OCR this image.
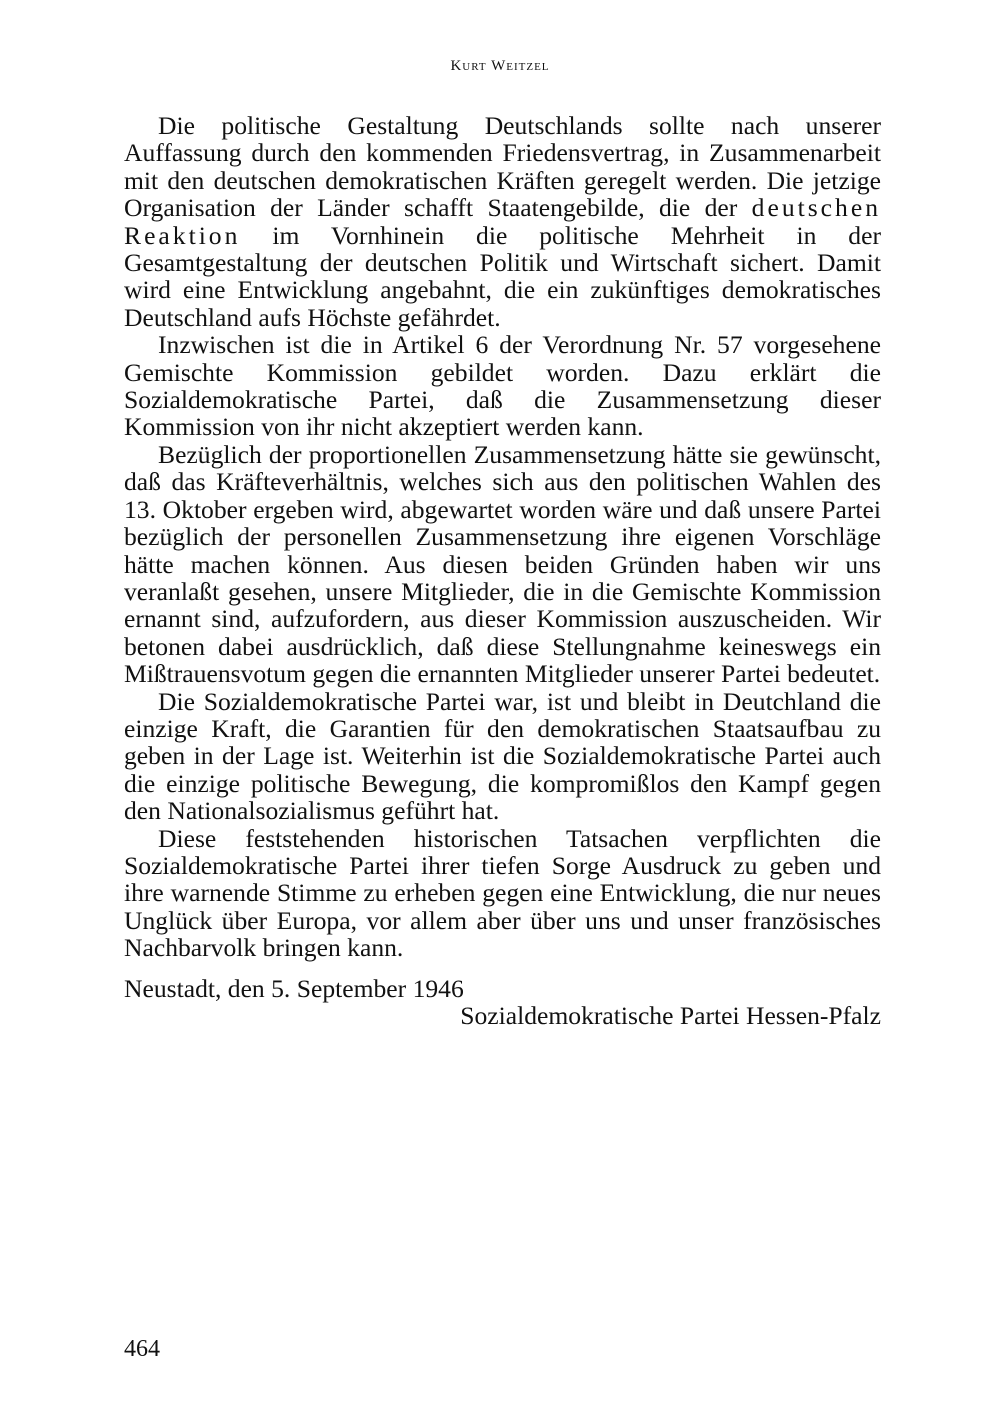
Kurt Weitzel

Die politische Gestaltung Deutschlands sollte nach unserer Auffassung durch den kommenden Friedensvertrag, in Zusammenarbeit mit den deutschen demokratischen Kräften geregelt werden. Die jetzige Organisation der Länder schafft Staatengebilde, die der deutschen Reaktion im Vornhinein die politische Mehrheit in der Gesamtgestaltung der deutschen Politik und Wirtschaft sichert. Damit wird eine Entwicklung angebahnt, die ein zukünftiges demokratisches Deutschland aufs Höchste gefährdet.

Inzwischen ist die in Artikel 6 der Verordnung Nr. 57 vorgesehene Gemischte Kommission gebildet worden. Dazu erklärt die Sozialdemokratische Partei, daß die Zusammensetzung dieser Kommission von ihr nicht akzeptiert werden kann.

Bezüglich der proportionellen Zusammensetzung hätte sie gewünscht, daß das Kräfteverhältnis, welches sich aus den politischen Wahlen des 13. Oktober ergeben wird, abgewartet worden wäre und daß unsere Partei bezüglich der personellen Zusammensetzung ihre eigenen Vorschläge hätte machen können. Aus diesen beiden Gründen haben wir uns veranlaßt gesehen, unsere Mitglieder, die in die Gemischte Kommission ernannt sind, aufzufordern, aus dieser Kommission auszuscheiden. Wir betonen dabei ausdrücklich, daß diese Stellungnahme keineswegs ein Mißtrauensvotum gegen die ernannten Mitglieder unserer Partei bedeutet.

Die Sozialdemokratische Partei war, ist und bleibt in Deutchland die einzige Kraft, die Garantien für den demokratischen Staatsaufbau zu geben in der Lage ist. Weiterhin ist die Sozialdemokratische Partei auch die einzige politische Bewegung, die kompromißlos den Kampf gegen den Nationalsozialismus geführt hat.

Diese feststehenden historischen Tatsachen verpflichten die Sozialdemokratische Partei ihrer tiefen Sorge Ausdruck zu geben und ihre warnende Stimme zu erheben gegen eine Entwicklung, die nur neues Unglück über Europa, vor allem aber über uns und unser französisches Nachbarvolk bringen kann.

Neustadt, den 5. September 1946

Sozialdemokratische Partei Hessen-Pfalz

464
